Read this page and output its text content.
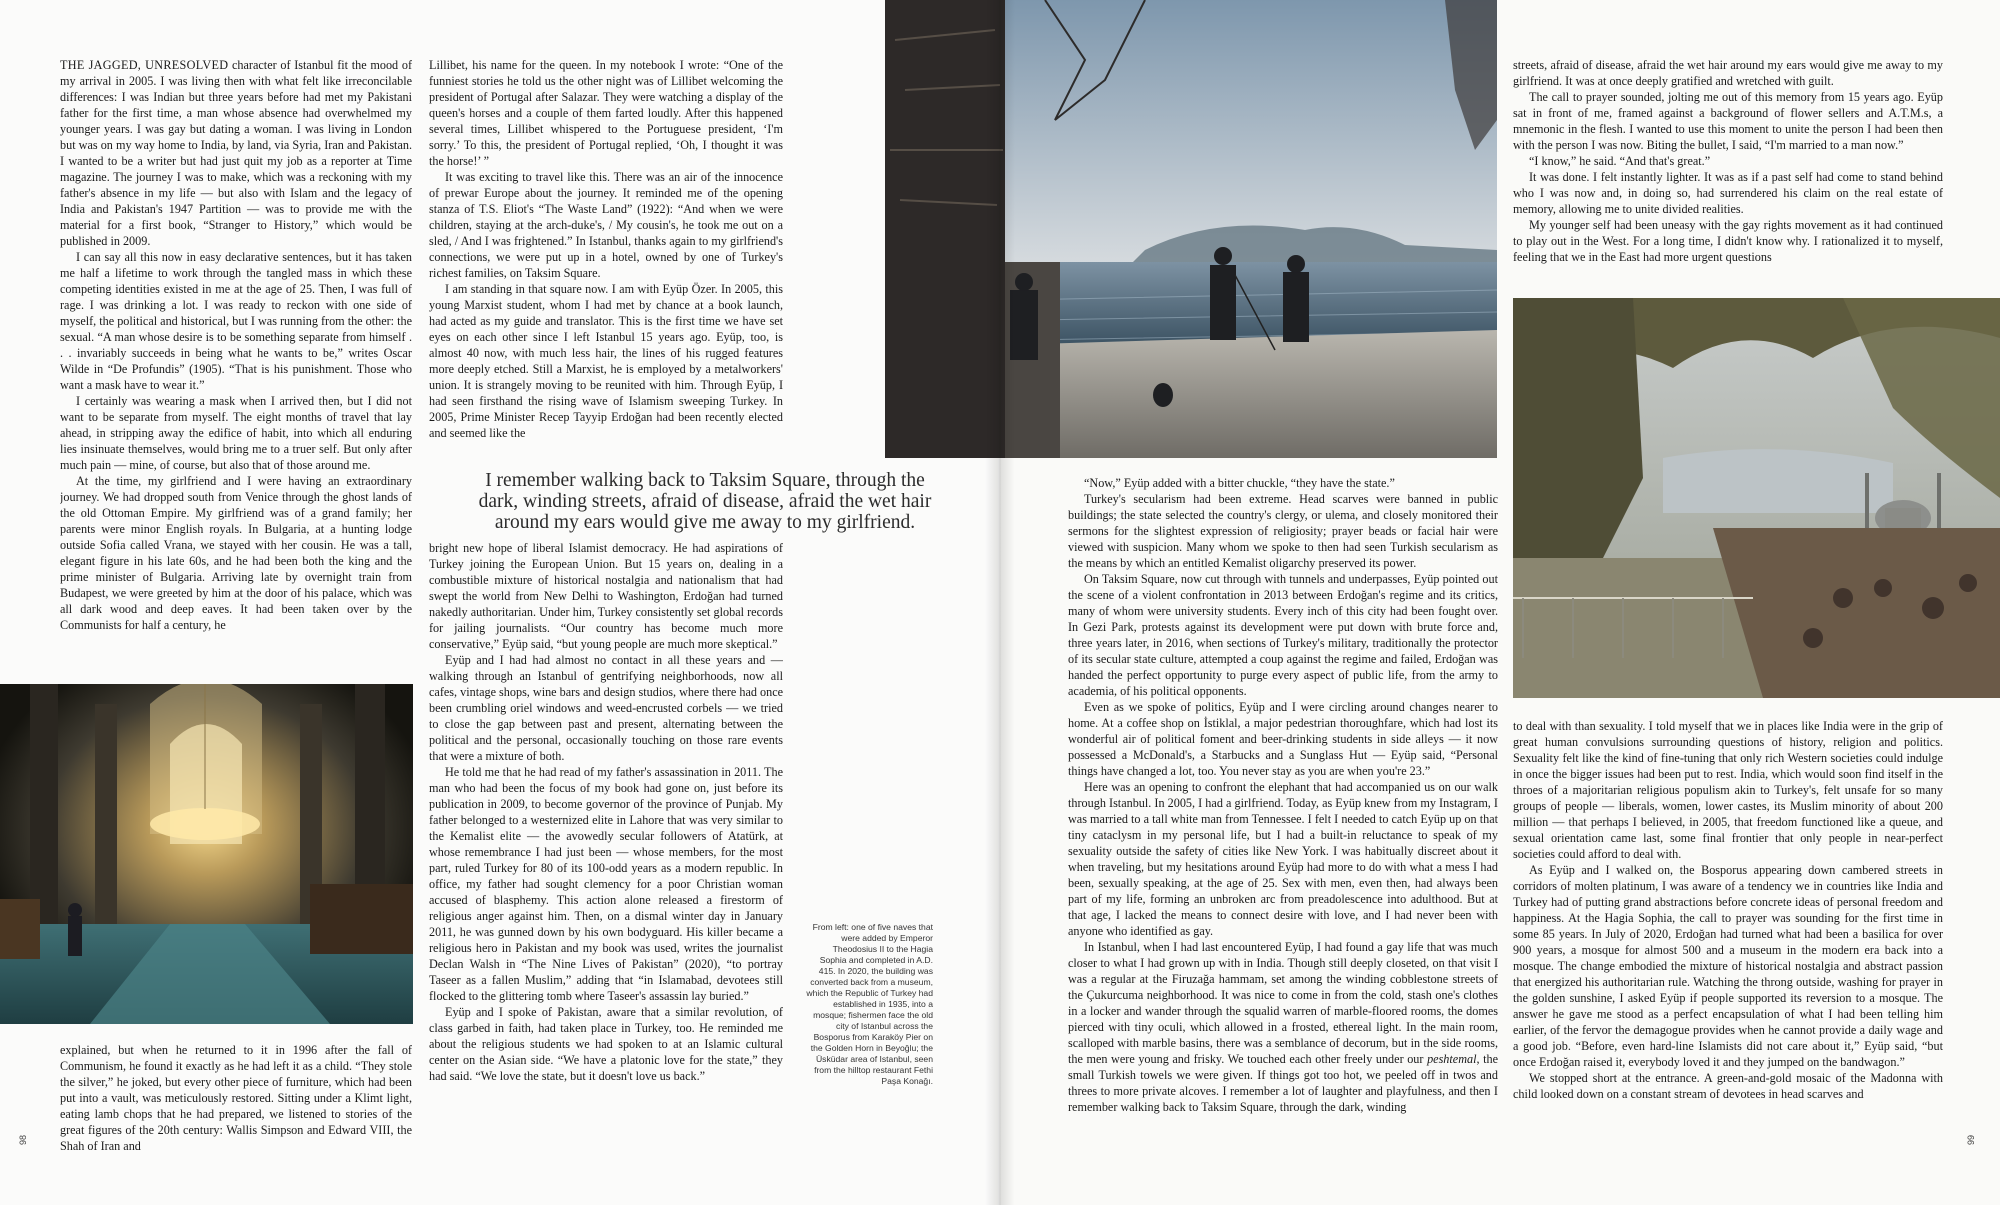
THE JAGGED, UNRESOLVED character of Istanbul fit the mood of my arrival in 2005. I was living then with what felt like irreconcilable differences: I was Indian but three years before had met my Pakistani father for the first time, a man whose absence had overwhelmed my younger years. I was gay but dating a woman. I was living in London but was on my way home to India, by land, via Syria, Iran and Pakistan. I wanted to be a writer but had just quit my job as a reporter at Time magazine. The journey I was to make, which was a reckoning with my father's absence in my life — but also with Islam and the legacy of India and Pakistan's 1947 Partition — was to provide me with the material for a first book, “Stranger to History,” which would be published in 2009.

I can say all this now in easy declarative sentences, but it has taken me half a lifetime to work through the tangled mass in which these competing identities existed in me at the age of 25. Then, I was full of rage. I was drinking a lot. I was ready to reckon with one side of myself, the political and historical, but I was running from the other: the sexual. “A man whose desire is to be something separate from himself . . . invariably succeeds in being what he wants to be,” writes Oscar Wilde in “De Profundis” (1905). “That is his punishment. Those who want a mask have to wear it.”

I certainly was wearing a mask when I arrived then, but I did not want to be separate from myself. The eight months of travel that lay ahead, in stripping away the edifice of habit, into which all enduring lies insinuate themselves, would bring me to a truer self. But only after much pain — mine, of course, but also that of those around me.

At the time, my girlfriend and I were having an extraordinary journey. We had dropped south from Venice through the ghost lands of the old Ottoman Empire. My girlfriend was of a grand family; her parents were minor English royals. In Bulgaria, at a hunting lodge outside Sofia called Vrana, we stayed with her cousin. He was a tall, elegant figure in his late 60s, and he had been both the king and the prime minister of Bulgaria. Arriving late by overnight train from Budapest, we were greeted by him at the door of his palace, which was all dark wood and deep eaves. It had been taken over by the Communists for half a century, he

explained, but when he returned to it in 1996 after the fall of Communism, he found it exactly as he had left it as a child. “They stole the silver,” he joked, but every other piece of furniture, which had been put into a vault, was meticulously restored. Sitting under a Klimt light, eating lamb chops that he had prepared, we listened to stories of the great figures of the 20th century: Wallis Simpson and Edward VIII, the Shah of Iran and

Lillibet, his name for the queen. In my notebook I wrote: “One of the funniest stories he told us the other night was of Lillibet welcoming the president of Portugal after Salazar. They were watching a display of the queen's horses and a couple of them farted loudly. After this happened several times, Lillibet whispered to the Portuguese president, ‘I'm sorry.’ To this, the president of Portugal replied, ‘Oh, I thought it was the horse!’ ”

It was exciting to travel like this. There was an air of the innocence of prewar Europe about the journey. It reminded me of the opening stanza of T.S. Eliot's “The Waste Land” (1922): “And when we were children, staying at the arch-duke's, / My cousin's, he took me out on a sled, / And I was frightened.” In Istanbul, thanks again to my girlfriend's connections, we were put up in a hotel, owned by one of Turkey's richest families, on Taksim Square.

I am standing in that square now. I am with Eyüp Özer. In 2005, this young Marxist student, whom I had met by chance at a book launch, had acted as my guide and translator. This is the first time we have set eyes on each other since I left Istanbul 15 years ago. Eyüp, too, is almost 40 now, with much less hair, the lines of his rugged features more deeply etched. Still a Marxist, he is employed by a metalworkers' union. It is strangely moving to be reunited with him. Through Eyüp, I had seen firsthand the rising wave of Islamism sweeping Turkey. In 2005, Prime Minister Recep Tayyip Erdoğan had been recently elected and seemed like the

I remember walking back to Taksim Square, through the dark, winding streets, afraid of disease, afraid the wet hair around my ears would give me away to my girlfriend.

bright new hope of liberal Islamist democracy. He had aspirations of Turkey joining the European Union. But 15 years on, dealing in a combustible mixture of historical nostalgia and nationalism that had swept the world from New Delhi to Washington, Erdoğan had turned nakedly authoritarian. Under him, Turkey consistently set global records for jailing journalists. “Our country has become much more conservative,” Eyüp said, “but young people are much more skeptical.”

Eyüp and I had had almost no contact in all these years and — walking through an Istanbul of gentrifying neighborhoods, now all cafes, vintage shops, wine bars and design studios, where there had once been crumbling oriel windows and weed-encrusted corbels — we tried to close the gap between past and present, alternating between the political and the personal, occasionally touching on those rare events that were a mixture of both.

He told me that he had read of my father's assassination in 2011. The man who had been the focus of my book had gone on, just before its publication in 2009, to become governor of the province of Punjab. My father belonged to a westernized elite in Lahore that was very similar to the Kemalist elite — the avowedly secular followers of Atatürk, at whose remembrance I had just been — whose members, for the most part, ruled Turkey for 80 of its 100-odd years as a modern republic. In office, my father had sought clemency for a poor Christian woman accused of blasphemy. This action alone released a firestorm of religious anger against him. Then, on a dismal winter day in January 2011, he was gunned down by his own bodyguard. His killer became a religious hero in Pakistan and my book was used, writes the journalist Declan Walsh in “The Nine Lives of Pakistan” (2020), “to portray Taseer as a fallen Muslim,” adding that “in Islamabad, devotees still flocked to the glittering tomb where Taseer's assassin lay buried.”

Eyüp and I spoke of Pakistan, aware that a similar revolution, of class garbed in faith, had taken place in Turkey, too. He reminded me about the religious students we had spoken to at an Islamic cultural center on the Asian side. “We have a platonic love for the state,” they had said. “We love the state, but it doesn't love us back.”

From left: one of five naves that were added by Emperor Theodosius II to the Hagia Sophia and completed in A.D. 415. In 2020, the building was converted back from a museum, which the Republic of Turkey had established in 1935, into a mosque; fishermen face the old city of Istanbul across the Bosporus from Karaköy Pier on the Golden Horn in Beyoğlu; the Üsküdar area of Istanbul, seen from the hilltop restaurant Fethi Paşa Konağı.

“Now,” Eyüp added with a bitter chuckle, “they have the state.”

Turkey's secularism had been extreme. Head scarves were banned in public buildings; the state selected the country's clergy, or ulema, and closely monitored their sermons for the slightest expression of religiosity; prayer beads or facial hair were viewed with suspicion. Many whom we spoke to then had seen Turkish secularism as the means by which an entitled Kemalist oligarchy preserved its power.

On Taksim Square, now cut through with tunnels and underpasses, Eyüp pointed out the scene of a violent confrontation in 2013 between Erdoğan's regime and its critics, many of whom were university students. Every inch of this city had been fought over. In Gezi Park, protests against its development were put down with brute force and, three years later, in 2016, when sections of Turkey's military, traditionally the protector of its secular state culture, attempted a coup against the regime and failed, Erdoğan was handed the perfect opportunity to purge every aspect of public life, from the army to academia, of his political opponents.

Even as we spoke of politics, Eyüp and I were circling around changes nearer to home. At a coffee shop on İstiklal, a major pedestrian thoroughfare, which had lost its wonderful air of political foment and beer-drinking students in side alleys — it now possessed a McDonald's, a Starbucks and a Sunglass Hut — Eyüp said, “Personal things have changed a lot, too. You never stay as you are when you're 23.”

Here was an opening to confront the elephant that had accompanied us on our walk through Istanbul. In 2005, I had a girlfriend. Today, as Eyüp knew from my Instagram, I was married to a tall white man from Tennessee. I felt I needed to catch Eyüp up on that tiny cataclysm in my personal life, but I had a built-in reluctance to speak of my sexuality outside the safety of cities like New York. I was habitually discreet about it when traveling, but my hesitations around Eyüp had more to do with what a mess I had been, sexually speaking, at the age of 25. Sex with men, even then, had always been part of my life, forming an unbroken arc from preadolescence into adulthood. But at that age, I lacked the means to connect desire with love, and I had never been with anyone who identified as gay.

In Istanbul, when I had last encountered Eyüp, I had found a gay life that was much closer to what I had grown up with in India. Though still deeply closeted, on that visit I was a regular at the Firuzağa hammam, set among the winding cobblestone streets of the Çukurcuma neighborhood. It was nice to come in from the cold, stash one's clothes in a locker and wander through the squalid warren of marble-floored rooms, the domes pierced with tiny oculi, which allowed in a frosted, ethereal light. In the main room, scalloped with marble basins, there was a semblance of decorum, but in the side rooms, the men were young and frisky. We touched each other freely under our peshtemal, the small Turkish towels we were given. If things got too hot, we peeled off in twos and threes to more private alcoves. I remember a lot of laughter and playfulness, and then I remember walking back to Taksim Square, through the dark, winding

streets, afraid of disease, afraid the wet hair around my ears would give me away to my girlfriend. It was at once deeply gratified and wretched with guilt.

The call to prayer sounded, jolting me out of this memory from 15 years ago. Eyüp sat in front of me, framed against a background of flower sellers and A.T.M.s, a mnemonic in the flesh. I wanted to use this moment to unite the person I had been then with the person I was now. Biting the bullet, I said, “I'm married to a man now.”

“I know,” he said. “And that's great.”

It was done. I felt instantly lighter. It was as if a past self had come to stand behind who I was now and, in doing so, had surrendered his claim on the real estate of memory, allowing me to unite divided realities.

My younger self had been uneasy with the gay rights movement as it had continued to play out in the West. For a long time, I didn't know why. I rationalized it to myself, feeling that we in the East had more urgent questions

to deal with than sexuality. I told myself that we in places like India were in the grip of great human convulsions surrounding questions of history, religion and politics. Sexuality felt like the kind of fine-tuning that only rich Western societies could indulge in once the bigger issues had been put to rest. India, which would soon find itself in the throes of a majoritarian religious populism akin to Turkey's, felt unsafe for so many groups of people — liberals, women, lower castes, its Muslim minority of about 200 million — that perhaps I believed, in 2005, that freedom functioned like a queue, and sexual orientation came last, some final frontier that only people in near-perfect societies could afford to deal with.

As Eyüp and I walked on, the Bosporus appearing down cambered streets in corridors of molten platinum, I was aware of a tendency we in countries like India and Turkey had of putting grand abstractions before concrete ideas of personal freedom and happiness. At the Hagia Sophia, the call to prayer was sounding for the first time in some 85 years. In July of 2020, Erdoğan had turned what had been a basilica for over 900 years, a mosque for almost 500 and a museum in the modern era back into a mosque. The change embodied the mixture of historical nostalgia and abstract passion that energized his authoritarian rule. Watching the throng outside, washing for prayer in the golden sunshine, I asked Eyüp if people supported its reversion to a mosque. The answer he gave me stood as a perfect encapsulation of what I had been telling him earlier, of the fervor the demagogue provides when he cannot provide a daily wage and a good job. “Before, even hard-line Islamists did not care about it,” Eyüp said, “but once Erdoğan raised it, everybody loved it and they jumped on the bandwagon.”

We stopped short at the entrance. A green-and-gold mosaic of the Madonna with child looked down on a constant stream of devotees in head scarves and

98	99
